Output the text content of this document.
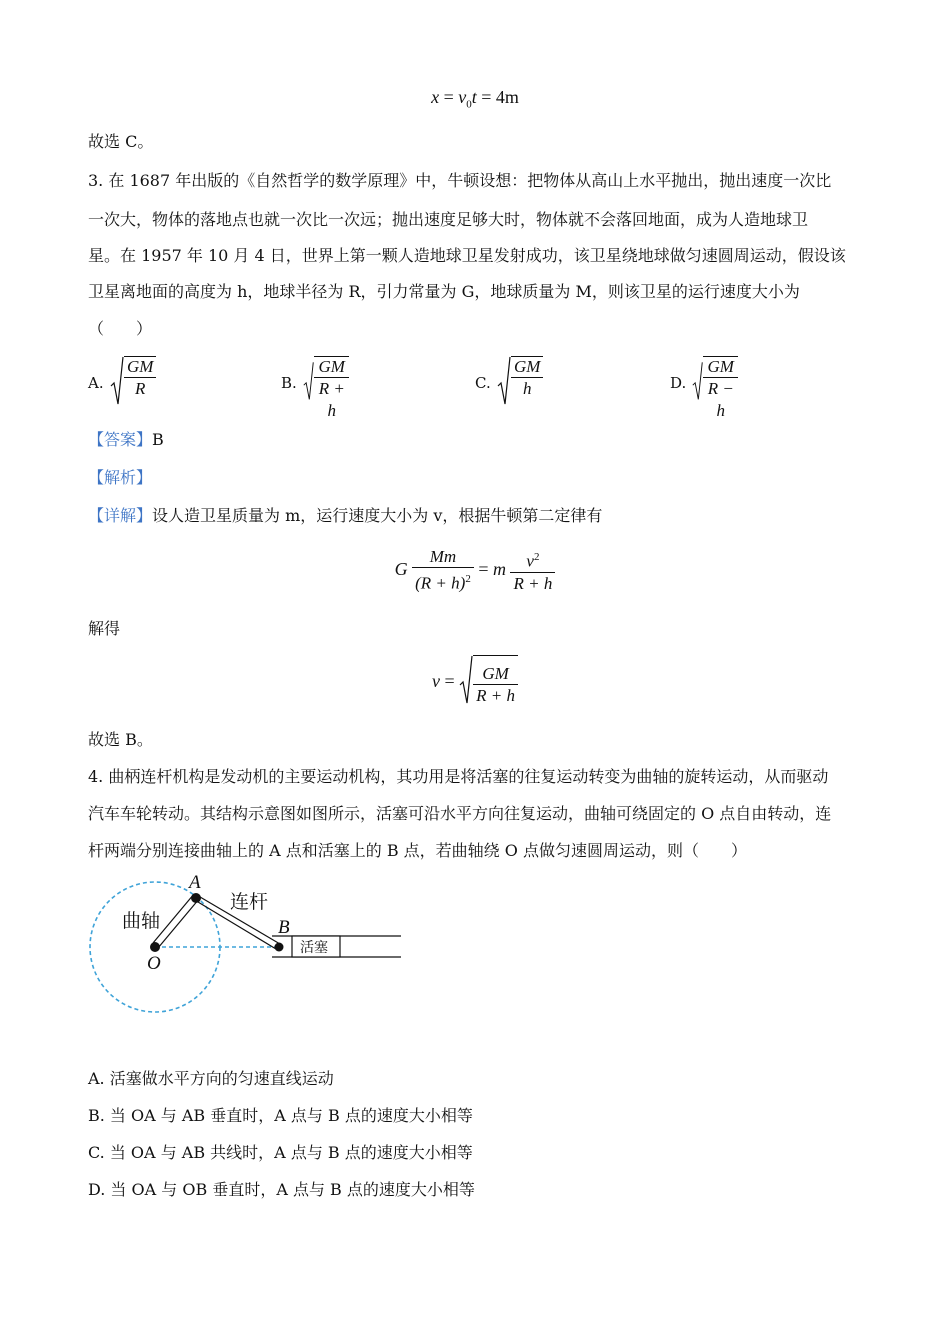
$x = v_0t = 4m$
故选 C。
3. 在 1687 年出版的《自然哲学的数学原理》中，牛顿设想：把物体从高山上水平抛出，抛出速度一次比
一次大，物体的落地点也就一次比一次远；抛出速度足够大时，物体就不会落回地面，成为人造地球卫
星。在 1957 年 10 月 4 日，世界上第一颗人造地球卫星发射成功，该卫星绕地球做匀速圆周运动，假设该
卫星离地面的高度为 h，地球半径为 R，引力常量为 G，地球质量为 M，则该卫星的运行速度大小为
（　　）
A. $\frac{GM}{R}$	B. $\frac{GM}{R + h}$	C. $\frac{GM}{h}$	D. $\frac{GM}{R - h}$
【答案】B
【解析】
【详解】设人造卫星质量为 m，运行速度大小为 v，根据牛顿第二定律有
G $\frac{Mm}{(R + h)^2} = m \frac{v^2}{R + h}$
解得
$v = \frac{GM}{R + h}$
故选 B。
4. 曲柄连杆机构是发动机的主要运动机构，其功用是将活塞的往复运动转变为曲轴的旋转运动，从而驱动
汽车车轮转动。其结构示意图如图所示，活塞可沿水平方向往复运动，曲轴可绕固定的 O 点自由转动，连
杆两端分别连接曲轴上的 A 点和活塞上的 B 点，若曲轴绕 O 点做匀速圆周运动，则（　　）
曲轴
连杆
活塞
A
B
O
A. 活塞做水平方向的匀速直线运动
B. 当 OA 与 AB 垂直时，A 点与 B 点的速度大小相等
C. 当 OA 与 AB 共线时，A 点与 B 点的速度大小相等
D. 当 OA 与 OB 垂直时，A 点与 B 点的速度大小相等
